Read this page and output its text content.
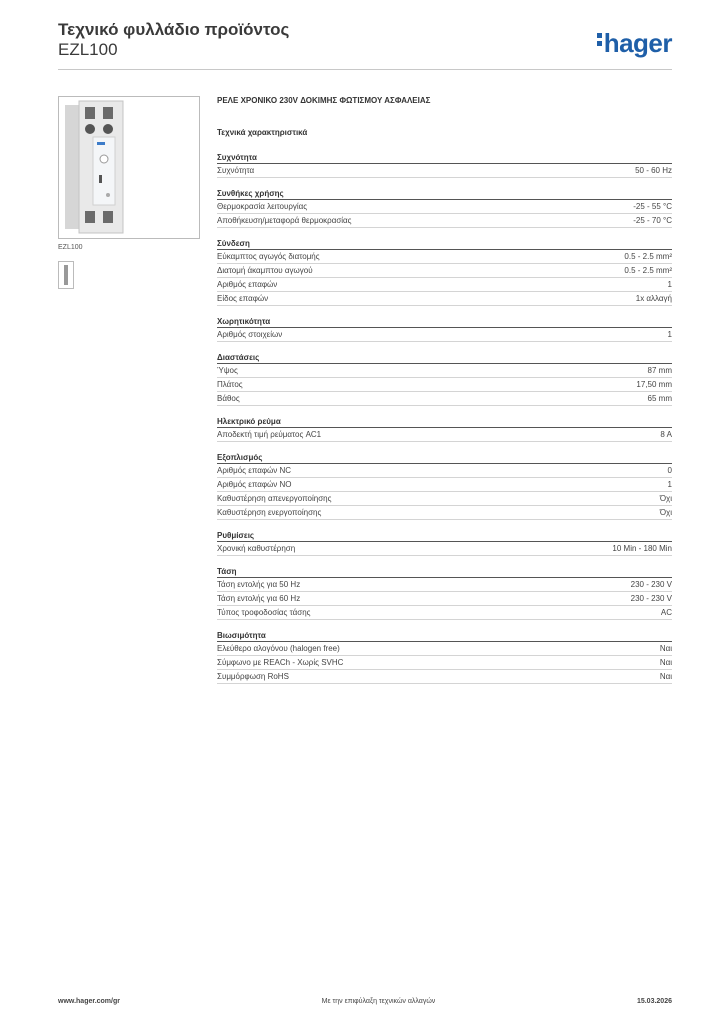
Τεχνικό φυλλάδιο προϊόντος
EZL100	hager
EZL100
ΡΕΛΕ ΧΡΟΝΙΚΟ 230V ΔΟΚΙΜΗΣ ΦΩΤΙΣΜΟΥ ΑΣΦΑΛΕΙΑΣ
Τεχνικά χαρακτηριστικά
Συχνότητα
Συχνότητα	50 - 60 Hz
Συνθήκες χρήσης
Θερμοκρασία λειτουργίας	-25 - 55 °C
Αποθήκευση/μεταφορά θερμοκρασίας	-25 - 70 °C
Σύνδεση
Εύκαμπτος αγωγός διατομής	0.5 - 2.5 mm²
Διατομή άκαμπτου αγωγού	0.5 - 2.5 mm²
Αριθμός επαφών	1
Είδος επαφών	1x αλλαγή
Χωρητικότητα
Αριθμός στοιχείων	1
Διαστάσεις
Ύψος	87 mm
Πλάτος	17,50 mm
Βάθος	65 mm
Ηλεκτρικό ρεύμα
Αποδεκτή τιμή ρεύματος AC1	8 A
Εξοπλισμός
Αριθμός επαφών NC	0
Αριθμός επαφών NO	1
Καθυστέρηση απενεργοποίησης	Όχι
Καθυστέρηση ενεργοποίησης	Όχι
Ρυθμίσεις
Χρονική καθυστέρηση	10 Min - 180 Min
Τάση
Τάση εντολής για 50 Hz	230 - 230 V
Τάση εντολής για 60 Hz	230 - 230 V
Τύπος τροφοδοσίας τάσης	AC
Βιωσιμότητα
Ελεύθερο αλογόνου (halogen free)	Ναι
Σύμφωνο με REACh - Χωρίς SVHC	Ναι
Συμμόρφωση RoHS	Ναι
www.hager.com/gr	Με την επιφύλαξη τεχνικών αλλαγών	15.03.2026
